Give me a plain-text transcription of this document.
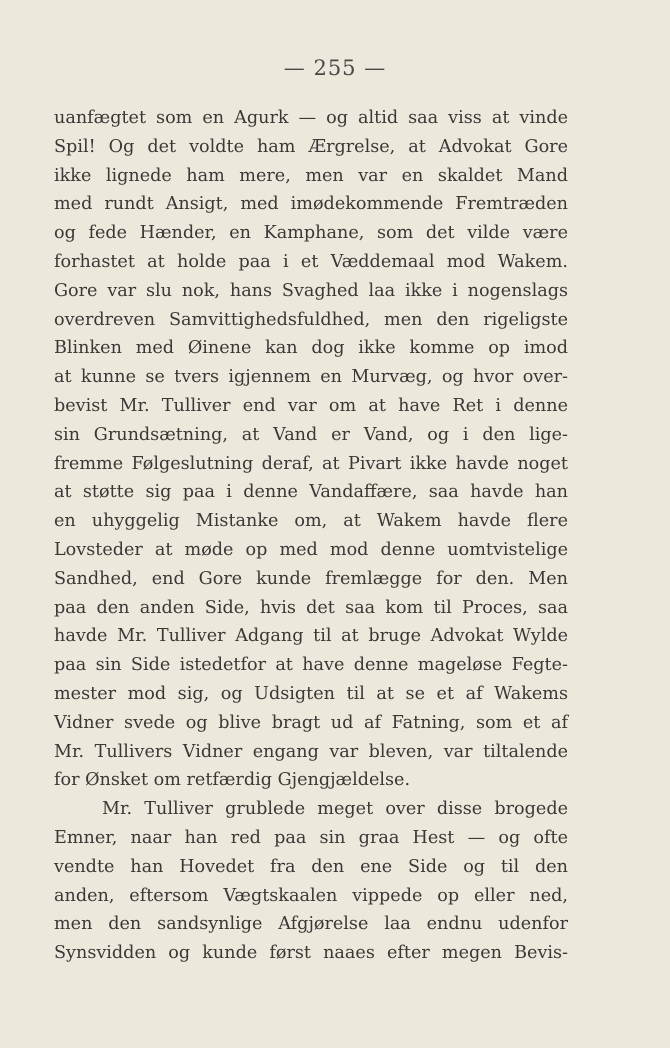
— 255 —
uanfægtet som en Agurk — og altid saa viss at vinde
Spil! Og det voldte ham Ærgrelse, at Advokat Gore
ikke lignede ham mere, men var en skaldet Mand
med rundt Ansigt, med imødekommende Fremtræden
og fede Hænder, en Kamphane, som det vilde være
forhastet at holde paa i et Væddemaal mod Wakem.
Gore var slu nok, hans Svaghed laa ikke i nogenslags
overdreven Samvittighedsfuldhed, men den rigeligste
Blinken med Øinene kan dog ikke komme op imod
at kunne se tvers igjennem en Murvæg, og hvor over-
bevist Mr. Tulliver end var om at have Ret i denne
sin Grundsætning, at Vand er Vand, og i den lige-
fremme Følgeslutning deraf, at Pivart ikke havde noget
at støtte sig paa i denne Vandaffære, saa havde han
en uhyggelig Mistanke om, at Wakem havde flere
Lovsteder at møde op med mod denne uomtvistelige
Sandhed, end Gore kunde fremlægge for den. Men
paa den anden Side, hvis det saa kom til Proces, saa
havde Mr. Tulliver Adgang til at bruge Advokat Wylde
paa sin Side istedetfor at have denne mageløse Fegte-
mester mod sig, og Udsigten til at se et af Wakems
Vidner svede og blive bragt ud af Fatning, som et af
Mr. Tullivers Vidner engang var bleven, var tiltalende
for Ønsket om retfærdig Gjengjældelse.
Mr. Tulliver grublede meget over disse brogede
Emner, naar han red paa sin graa Hest — og ofte
vendte han Hovedet fra den ene Side og til den
anden, eftersom Vægtskaalen vippede op eller ned,
men den sandsynlige Afgjørelse laa endnu udenfor
Synsvidden og kunde først naaes efter megen Bevis-
